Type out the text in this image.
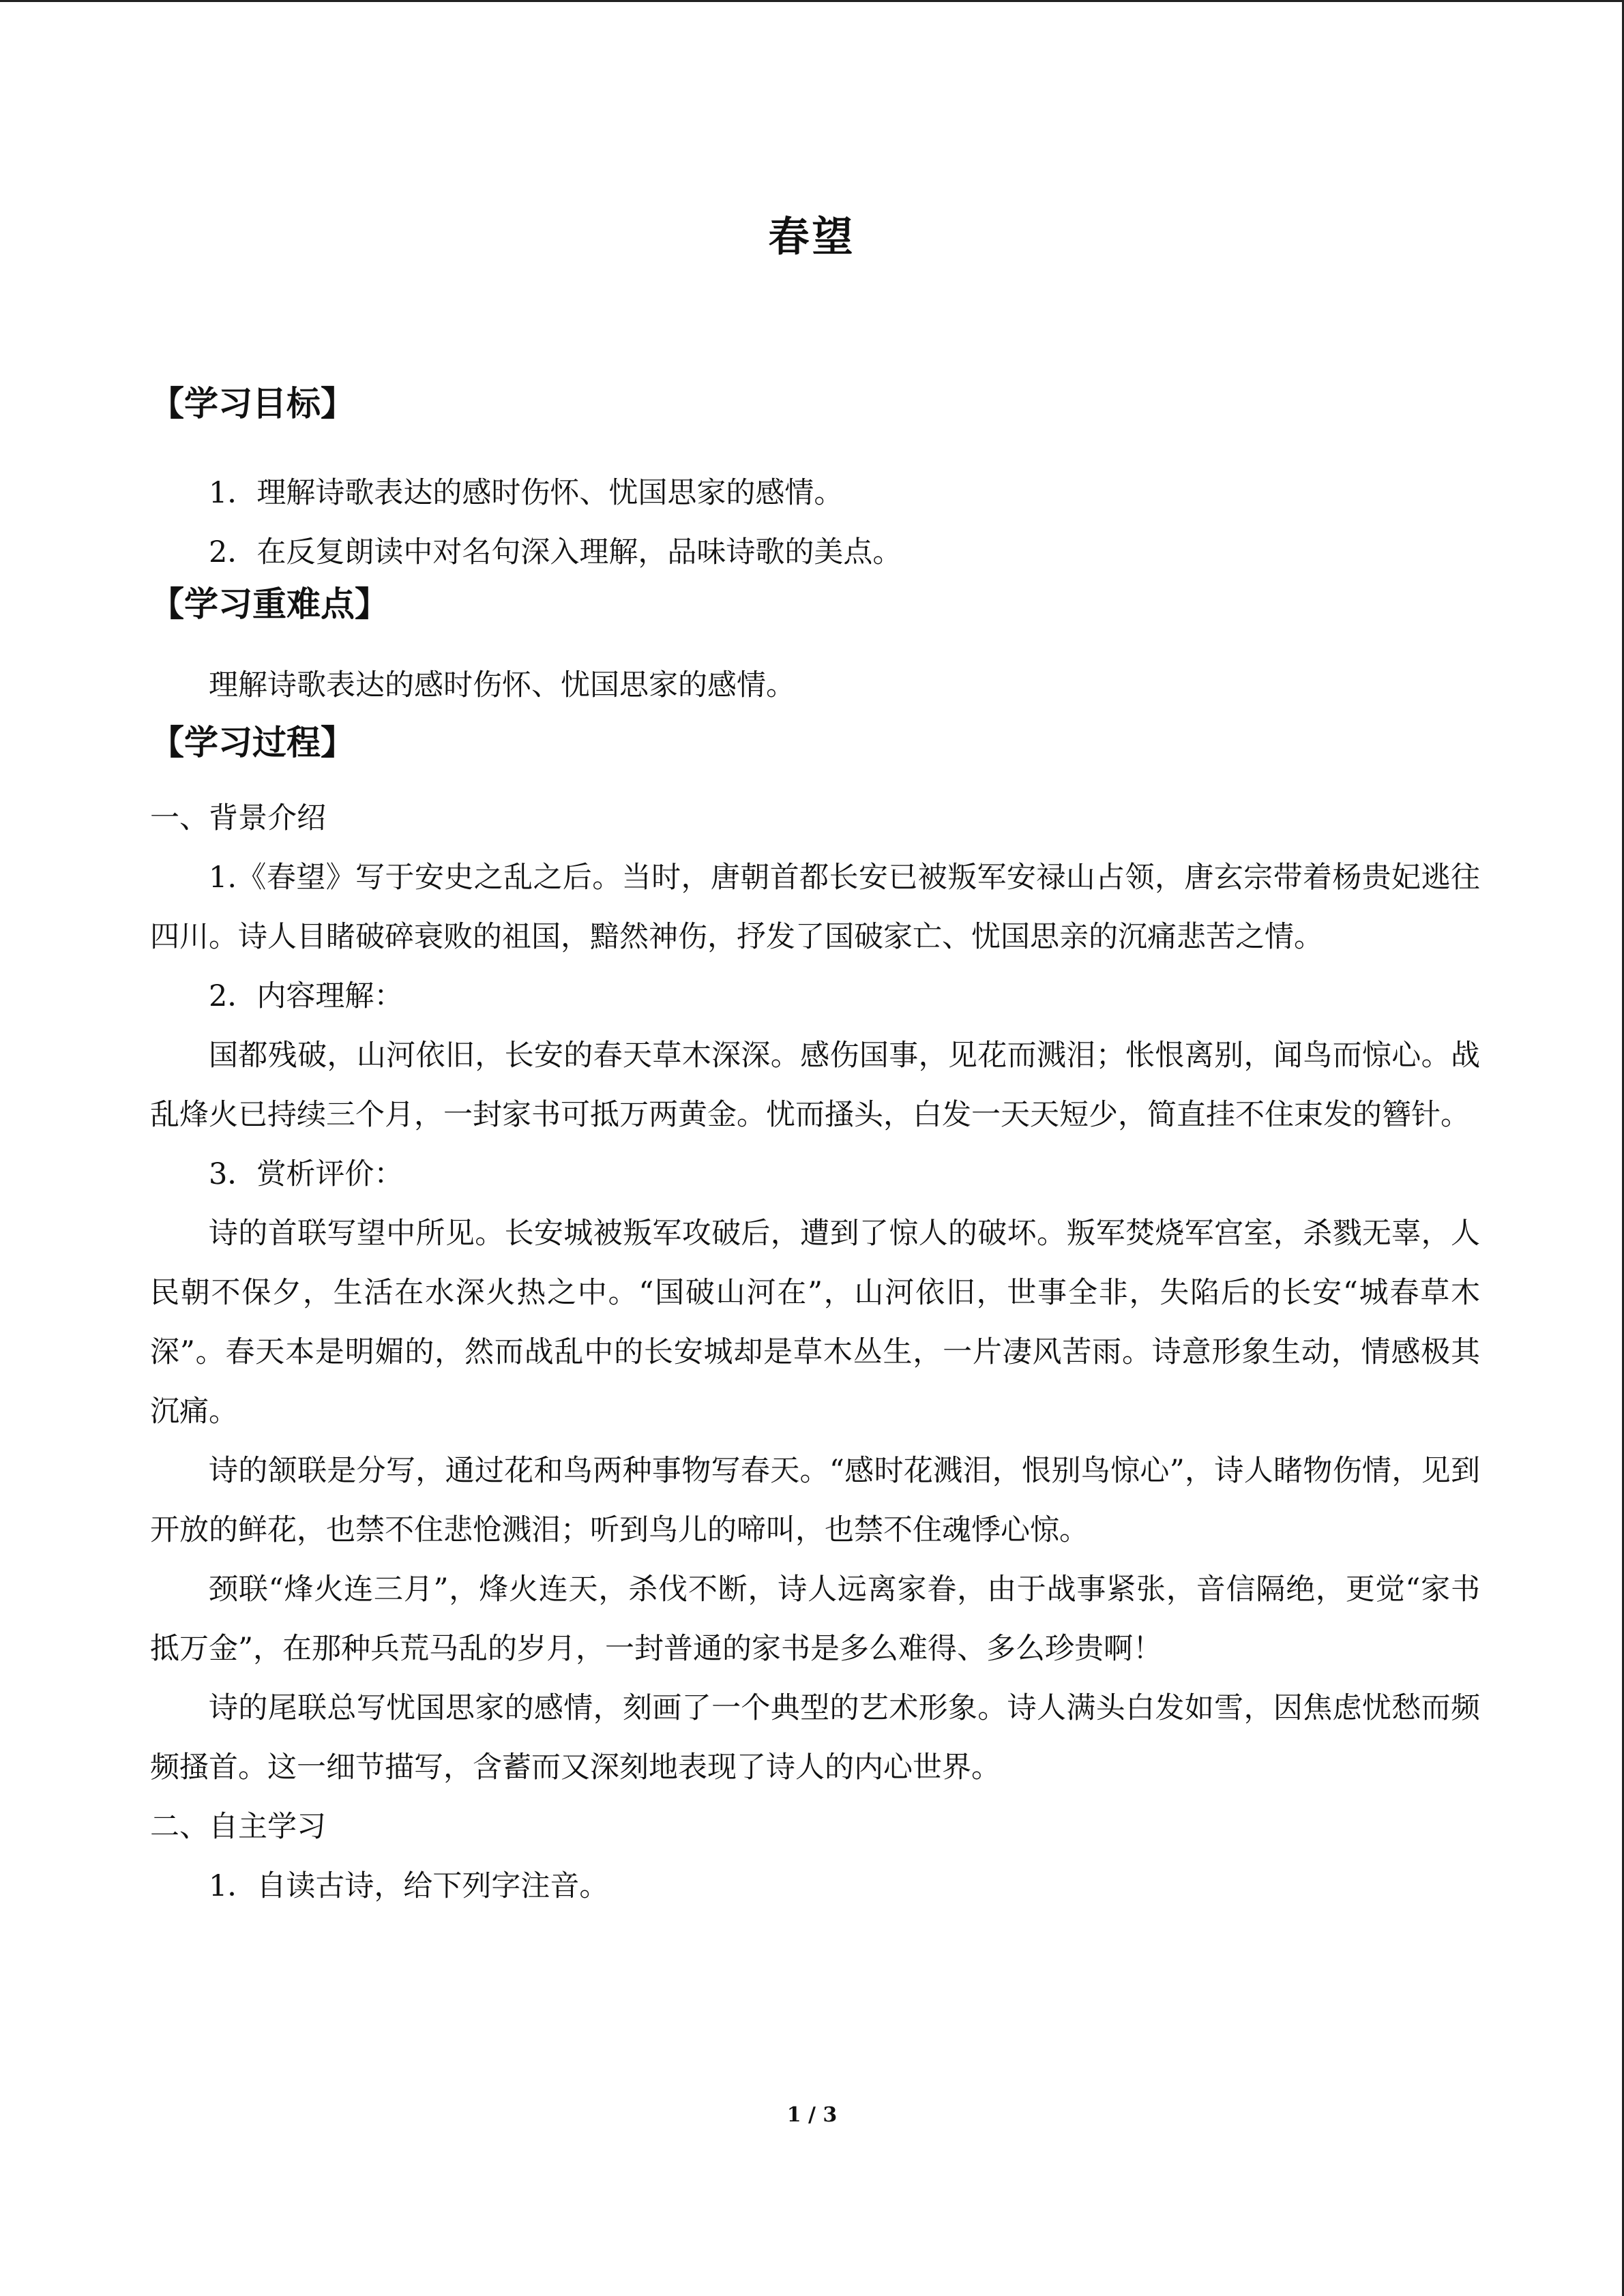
春望
【学习目标】

1．理解诗歌表达的感时伤怀、忧国思家的感情。

2．在反复朗读中对名句深入理解，品味诗歌的美点。

【学习重难点】

理解诗歌表达的感时伤怀、忧国思家的感情。

【学习过程】

一、背景介绍

1.《春望》写于安史之乱之后。当时，唐朝首都长安已被叛军安禄山占领，唐玄宗带着杨贵妃逃往四川。诗人目睹破碎衰败的祖国，黯然神伤，抒发了国破家亡、忧国思亲的沉痛悲苦之情。

2．内容理解：

国都残破，山河依旧，长安的春天草木深深。感伤国事，见花而溅泪；怅恨离别，闻鸟而惊心。战乱烽火已持续三个月，一封家书可抵万两黄金。忧而搔头，白发一天天短少，简直挂不住束发的簪针。

3．赏析评价：

诗的首联写望中所见。长安城被叛军攻破后，遭到了惊人的破坏。叛军焚烧军宫室，杀戮无辜，人民朝不保夕，生活在水深火热之中。“国破山河在”，山河依旧，世事全非，失陷后的长安“城春草木深”。春天本是明媚的，然而战乱中的长安城却是草木丛生，一片凄风苦雨。诗意形象生动，情感极其沉痛。

诗的颔联是分写，通过花和鸟两种事物写春天。“感时花溅泪，恨别鸟惊心”，诗人睹物伤情，见到开放的鲜花，也禁不住悲怆溅泪；听到鸟儿的啼叫，也禁不住魂悸心惊。

颈联“烽火连三月”，烽火连天，杀伐不断，诗人远离家眷，由于战事紧张，音信隔绝，更觉“家书抵万金”，在那种兵荒马乱的岁月，一封普通的家书是多么难得、多么珍贵啊！

诗的尾联总写忧国思家的感情，刻画了一个典型的艺术形象。诗人满头白发如雪，因焦虑忧愁而频频搔首。这一细节描写，含蓄而又深刻地表现了诗人的内心世界。

二、自主学习

1．自读古诗，给下列字注音。

1 / 3
